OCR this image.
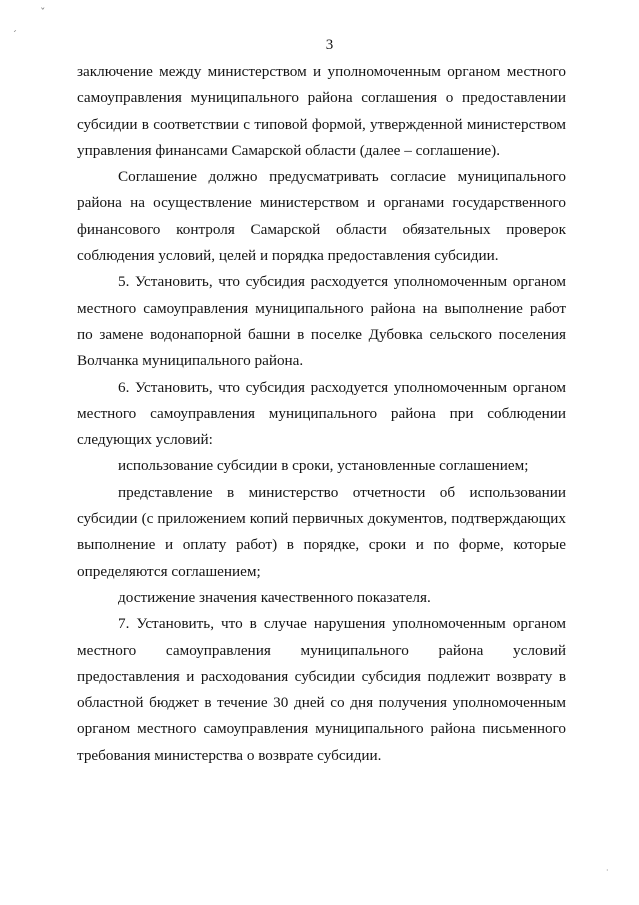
ˇ
ˊ
·
3

заключение между министерством и уполномоченным органом местного самоуправления муниципального района соглашения о предоставлении субсидии в соответствии с типовой формой, утвержденной министерством управления финансами Самарской области (далее – соглашение).

Соглашение должно предусматривать согласие муниципального района на осуществление министерством и органами государственного финансового контроля Самарской области обязательных проверок соблюдения условий, целей и порядка предоставления субсидии.

5. Установить, что субсидия расходуется уполномоченным органом местного самоуправления муниципального района на выполнение работ по замене водонапорной башни в поселке Дубовка сельского поселения Волчанка муниципального района.

6. Установить, что субсидия расходуется уполномоченным органом местного самоуправления муниципального района при соблюдении следующих условий:

использование субсидии в сроки, установленные соглашением;

представление в министерство отчетности об использовании субсидии (с приложением копий первичных документов, подтверждающих выполнение и оплату работ) в порядке, сроки и по форме, которые определяются соглашением;

достижение значения качественного показателя.

7. Установить, что в случае нарушения уполномоченным органом местного самоуправления муниципального района условий предоставления и расходования субсидии субсидия подлежит возврату в областной бюджет в течение 30 дней со дня получения уполномоченным органом местного самоуправления муниципального района письменного требования министерства о возврате субсидии.
